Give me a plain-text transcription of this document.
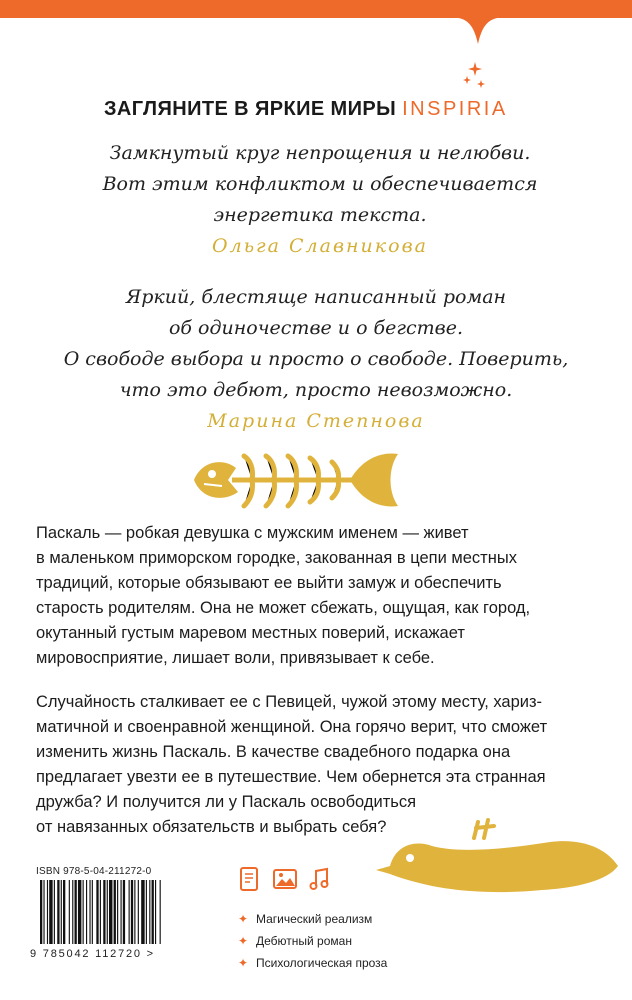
ЗАГЛЯНИТЕ В ЯРКИЕ МИРЫ INSPIRIA
Замкнутый круг непрощения и нелюбви.
Вот этим конфликтом и обеспечивается
энергетика текста.
Ольга Славникова
Яркий, блестяще написанный роман
об одиночестве и о бегстве.
О свободе выбора и просто о свободе. Поверить,
что это дебют, просто невозможно.
Марина Степнова
Паскаль — робкая девушка с мужским именем — живет
в маленьком приморском городке, закованная в цепи местных
традиций, которые обязывают ее выйти замуж и обеспечить
старость родителям. Она не может сбежать, ощущая, как город,
окутанный густым маревом местных поверий, искажает
мировосприятие, лишает воли, привязывает к себе.
Случайность сталкивает ее с Певицей, чужой этому месту, хариз-
матичной и своенравной женщиной. Она горячо верит, что сможет
изменить жизнь Паскаль. В качестве свадебного подарка она
предлагает увезти ее в путешествие. Чем обернется эта странная
дружба? И получится ли у Паскаль освободиться
от навязанных обязательств и выбрать себя?
ISBN 978-5-04-211272-0
9 785042 112720 >
✦ Магический реализм
✦ Дебютный роман
✦ Психологическая проза
